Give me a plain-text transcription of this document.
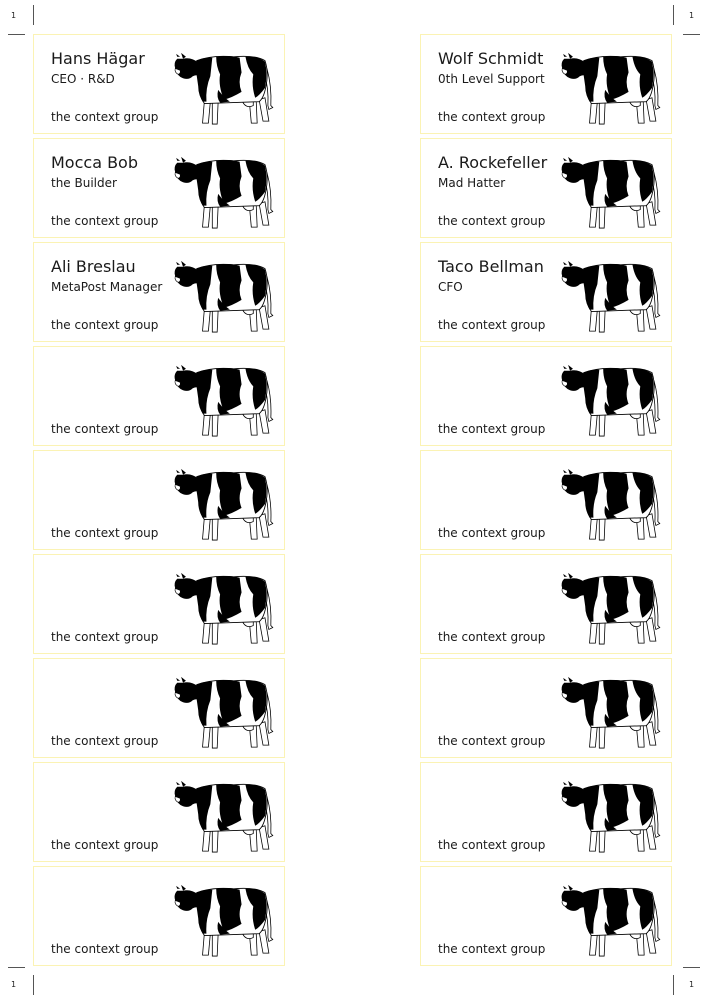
1	1
1	1
Hans Hägar
CEO · R&D
the context group
Mocca Bob
the Builder
the context group
Ali Breslau
MetaPost Manager
the context group
the context group
the context group
the context group
the context group
the context group
the context group
Wolf Schmidt
0th Level Support
the context group
A. Rockefeller
Mad Hatter
the context group
Taco Bellman
CFO
the context group
the context group
the context group
the context group
the context group
the context group
the context group
